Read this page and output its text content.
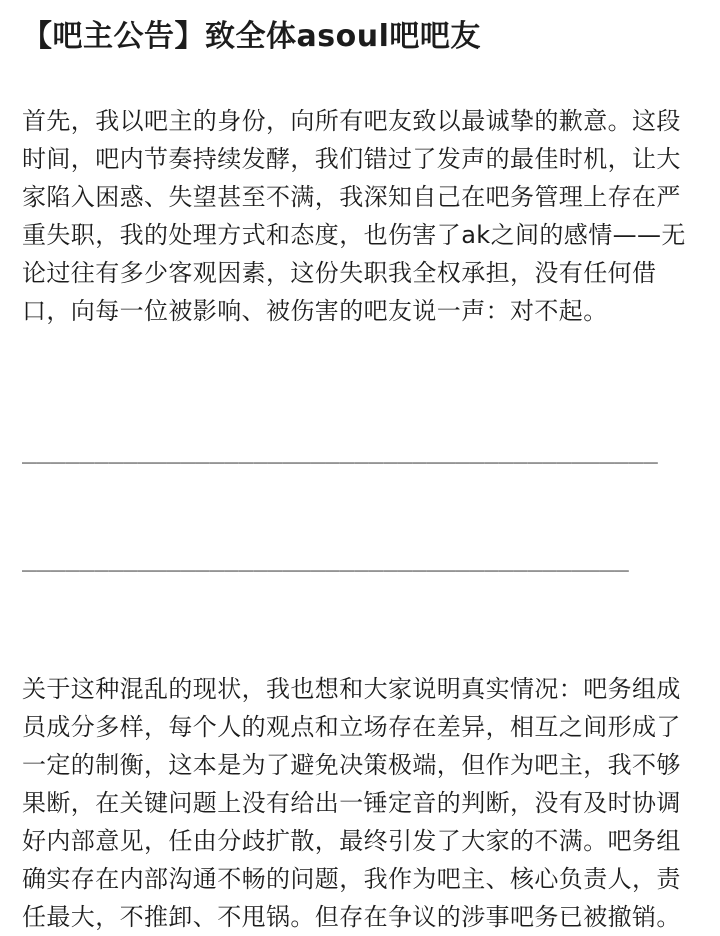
【吧主公告】致全体asoul吧吧友

首先，我以吧主的身份，向所有吧友致以最诚挚的歉意。这段时间，吧内节奏持续发酵，我们错过了发声的最佳时机，让大家陷入困惑、失望甚至不满，我深知自己在吧务管理上存在严重失职，我的处理方式和态度，也伤害了ak之间的感情——无论过往有多少客观因素，这份失职我全权承担，没有任何借口，向每一位被影响、被伤害的吧友说一声：对不起。

____________________________________________

__________________________________________

关于这种混乱的现状，我也想和大家说明真实情况：吧务组成员成分多样，每个人的观点和立场存在差异，相互之间形成了一定的制衡，这本是为了避免决策极端，但作为吧主，我不够果断，在关键问题上没有给出一锤定音的判断，没有及时协调好内部意见，任由分歧扩散，最终引发了大家的不满。吧务组确实存在内部沟通不畅的问题，我作为吧主、核心负责人，责任最大，不推卸、不甩锅。但存在争议的涉事吧务已被撤销。
